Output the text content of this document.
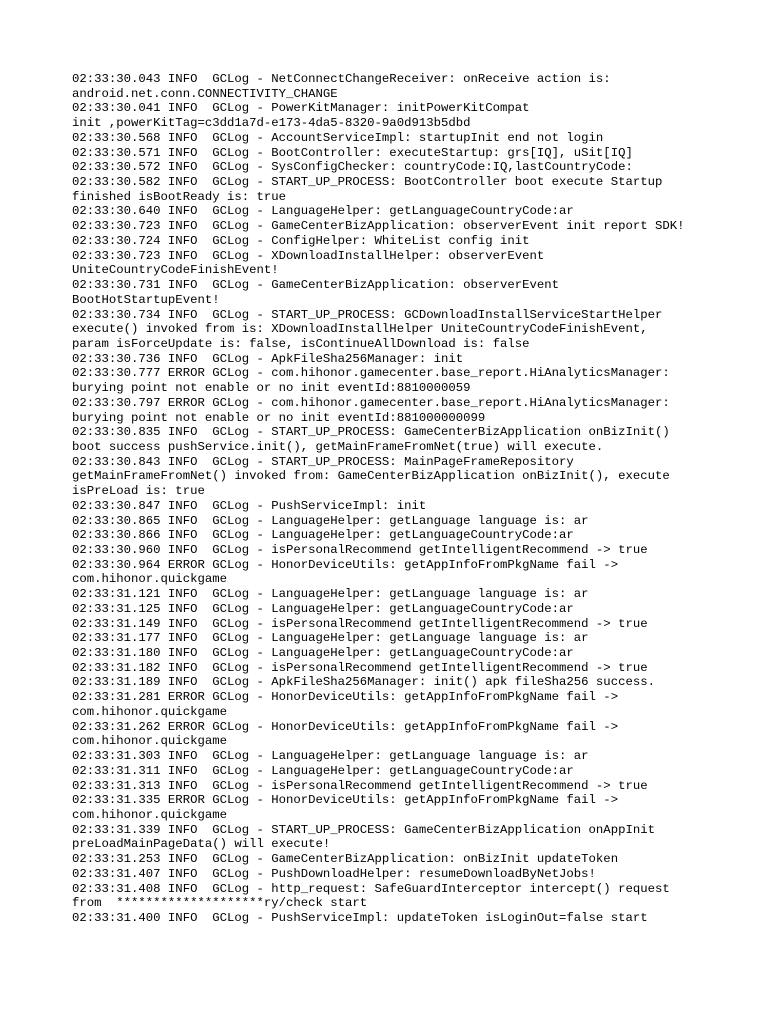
02:33:30.043 INFO  GCLog - NetConnectChangeReceiver: onReceive action is:
android.net.conn.CONNECTIVITY_CHANGE
02:33:30.041 INFO  GCLog - PowerKitManager: initPowerKitCompat
init ,powerKitTag=c3dd1a7d-e173-4da5-8320-9a0d913b5dbd
02:33:30.568 INFO  GCLog - AccountServiceImpl: startupInit end not login
02:33:30.571 INFO  GCLog - BootController: executeStartup: grs[IQ], uSit[IQ]
02:33:30.572 INFO  GCLog - SysConfigChecker: countryCode:IQ,lastCountryCode:
02:33:30.582 INFO  GCLog - START_UP_PROCESS: BootController boot execute Startup
finished isBootReady is: true
02:33:30.640 INFO  GCLog - LanguageHelper: getLanguageCountryCode:ar
02:33:30.723 INFO  GCLog - GameCenterBizApplication: observerEvent init report SDK!
02:33:30.724 INFO  GCLog - ConfigHelper: WhiteList config init
02:33:30.723 INFO  GCLog - XDownloadInstallHelper: observerEvent
UniteCountryCodeFinishEvent!
02:33:30.731 INFO  GCLog - GameCenterBizApplication: observerEvent
BootHotStartupEvent!
02:33:30.734 INFO  GCLog - START_UP_PROCESS: GCDownloadInstallServiceStartHelper
execute() invoked from is: XDownloadInstallHelper UniteCountryCodeFinishEvent,
param isForceUpdate is: false, isContinueAllDownload is: false
02:33:30.736 INFO  GCLog - ApkFileSha256Manager: init
02:33:30.777 ERROR GCLog - com.hihonor.gamecenter.base_report.HiAnalyticsManager:
burying point not enable or no init eventId:8810000059
02:33:30.797 ERROR GCLog - com.hihonor.gamecenter.base_report.HiAnalyticsManager:
burying point not enable or no init eventId:881000000099
02:33:30.835 INFO  GCLog - START_UP_PROCESS: GameCenterBizApplication onBizInit()
boot success pushService.init(), getMainFrameFromNet(true) will execute.
02:33:30.843 INFO  GCLog - START_UP_PROCESS: MainPageFrameRepository
getMainFrameFromNet() invoked from: GameCenterBizApplication onBizInit(), execute
isPreLoad is: true
02:33:30.847 INFO  GCLog - PushServiceImpl: init
02:33:30.865 INFO  GCLog - LanguageHelper: getLanguage language is: ar
02:33:30.866 INFO  GCLog - LanguageHelper: getLanguageCountryCode:ar
02:33:30.960 INFO  GCLog - isPersonalRecommend getIntelligentRecommend -> true
02:33:30.964 ERROR GCLog - HonorDeviceUtils: getAppInfoFromPkgName fail ->
com.hihonor.quickgame
02:33:31.121 INFO  GCLog - LanguageHelper: getLanguage language is: ar
02:33:31.125 INFO  GCLog - LanguageHelper: getLanguageCountryCode:ar
02:33:31.149 INFO  GCLog - isPersonalRecommend getIntelligentRecommend -> true
02:33:31.177 INFO  GCLog - LanguageHelper: getLanguage language is: ar
02:33:31.180 INFO  GCLog - LanguageHelper: getLanguageCountryCode:ar
02:33:31.182 INFO  GCLog - isPersonalRecommend getIntelligentRecommend -> true
02:33:31.189 INFO  GCLog - ApkFileSha256Manager: init() apk fileSha256 success.
02:33:31.281 ERROR GCLog - HonorDeviceUtils: getAppInfoFromPkgName fail ->
com.hihonor.quickgame
02:33:31.262 ERROR GCLog - HonorDeviceUtils: getAppInfoFromPkgName fail ->
com.hihonor.quickgame
02:33:31.303 INFO  GCLog - LanguageHelper: getLanguage language is: ar
02:33:31.311 INFO  GCLog - LanguageHelper: getLanguageCountryCode:ar
02:33:31.313 INFO  GCLog - isPersonalRecommend getIntelligentRecommend -> true
02:33:31.335 ERROR GCLog - HonorDeviceUtils: getAppInfoFromPkgName fail ->
com.hihonor.quickgame
02:33:31.339 INFO  GCLog - START_UP_PROCESS: GameCenterBizApplication onAppInit
preLoadMainPageData() will execute!
02:33:31.253 INFO  GCLog - GameCenterBizApplication: onBizInit updateToken
02:33:31.407 INFO  GCLog - PushDownloadHelper: resumeDownloadByNetJobs!
02:33:31.408 INFO  GCLog - http_request: SafeGuardInterceptor intercept() request
from  ********************ry/check start
02:33:31.400 INFO  GCLog - PushServiceImpl: updateToken isLoginOut=false start
